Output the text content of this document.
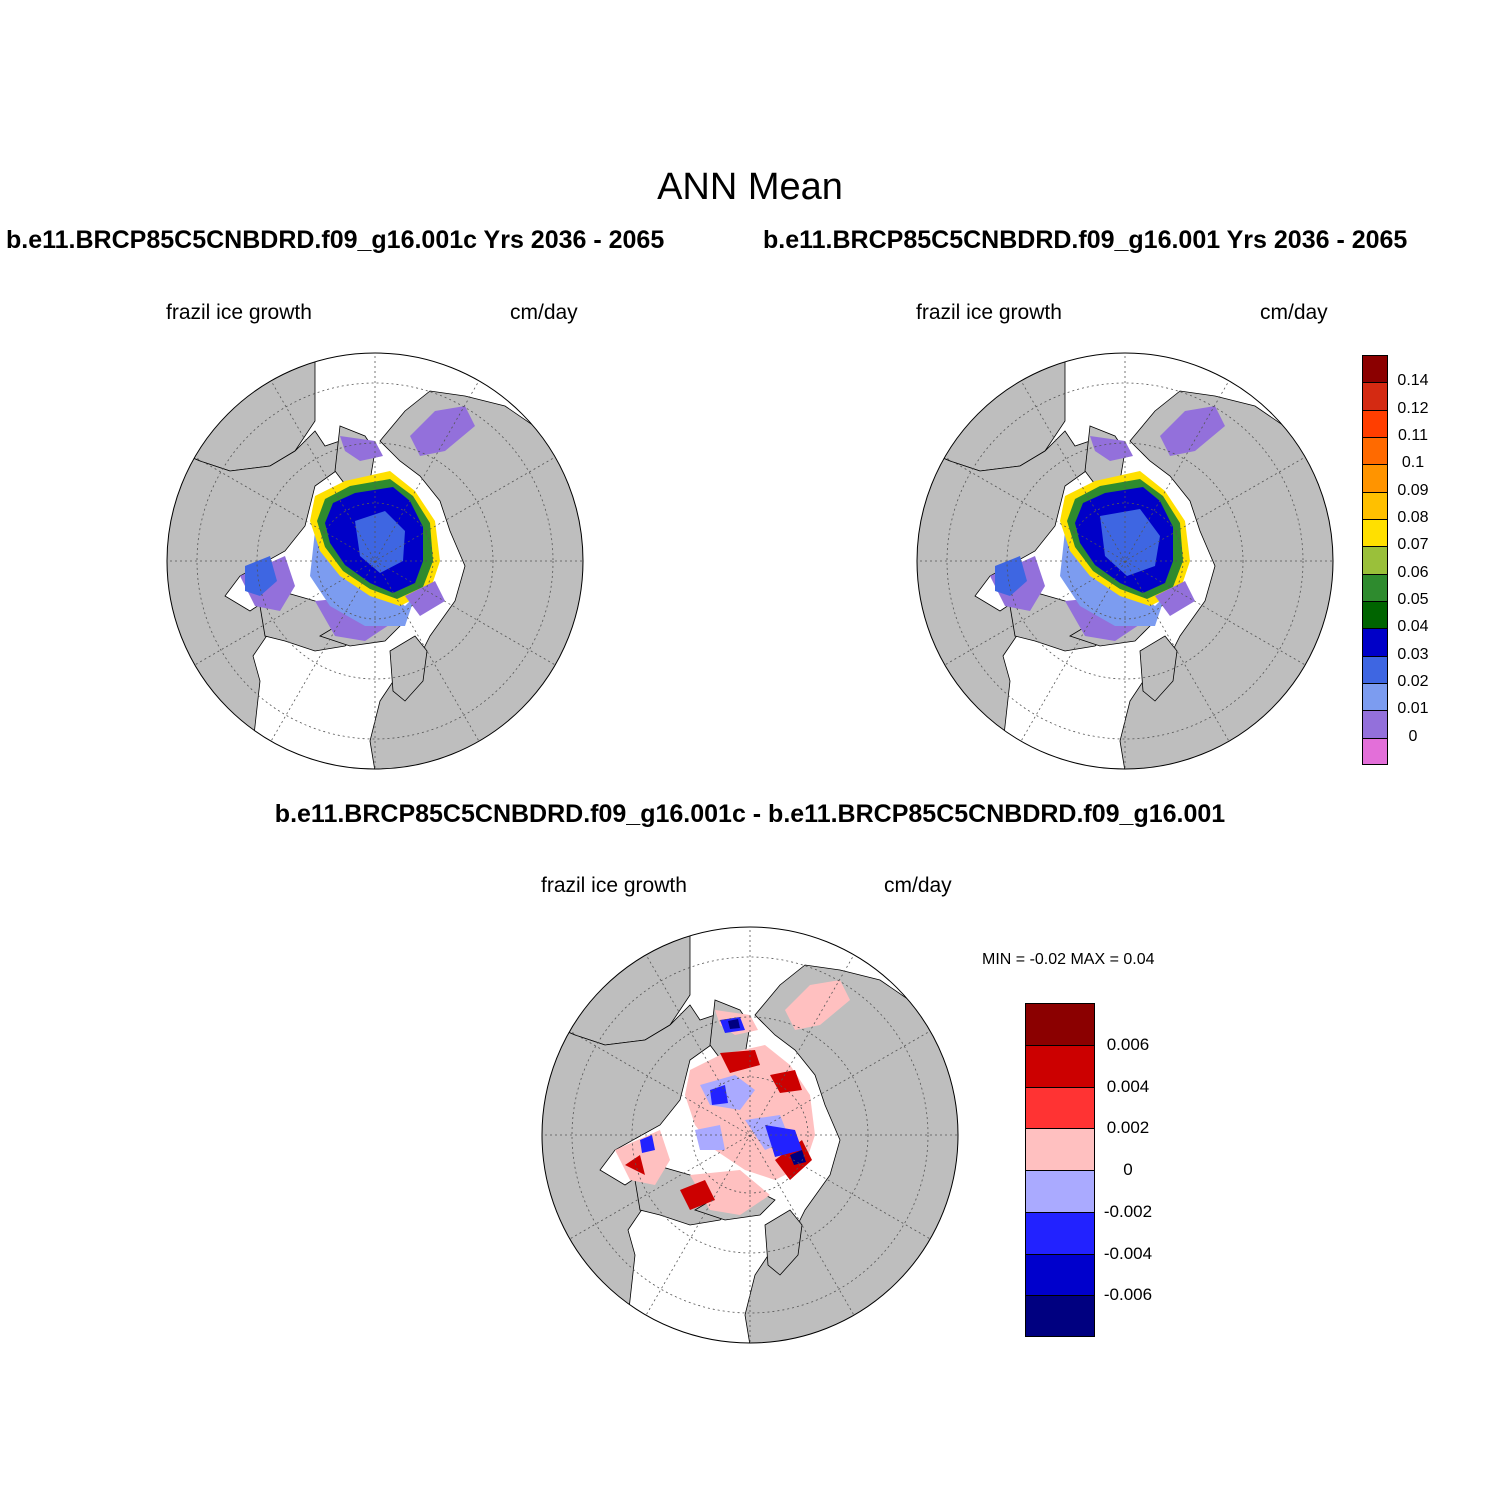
ANN Mean
b.e11.BRCP85C5CNBDRD.f09_g16.001c Yrs 2036 - 2065	b.e11.BRCP85C5CNBDRD.f09_g16.001 Yrs 2036 - 2065
frazil ice growth	cm/day	frazil ice growth	cm/day
0.14
0.12
0.11
0.1
0.09
0.08
0.07
0.06
0.05
0.04
0.03
0.02
0.01
0
b.e11.BRCP85C5CNBDRD.f09_g16.001c - b.e11.BRCP85C5CNBDRD.f09_g16.001
frazil ice growth	cm/day
MIN = -0.02 MAX = 0.04
0.006
0.004
0.002
0
-0.002
-0.004
-0.006
